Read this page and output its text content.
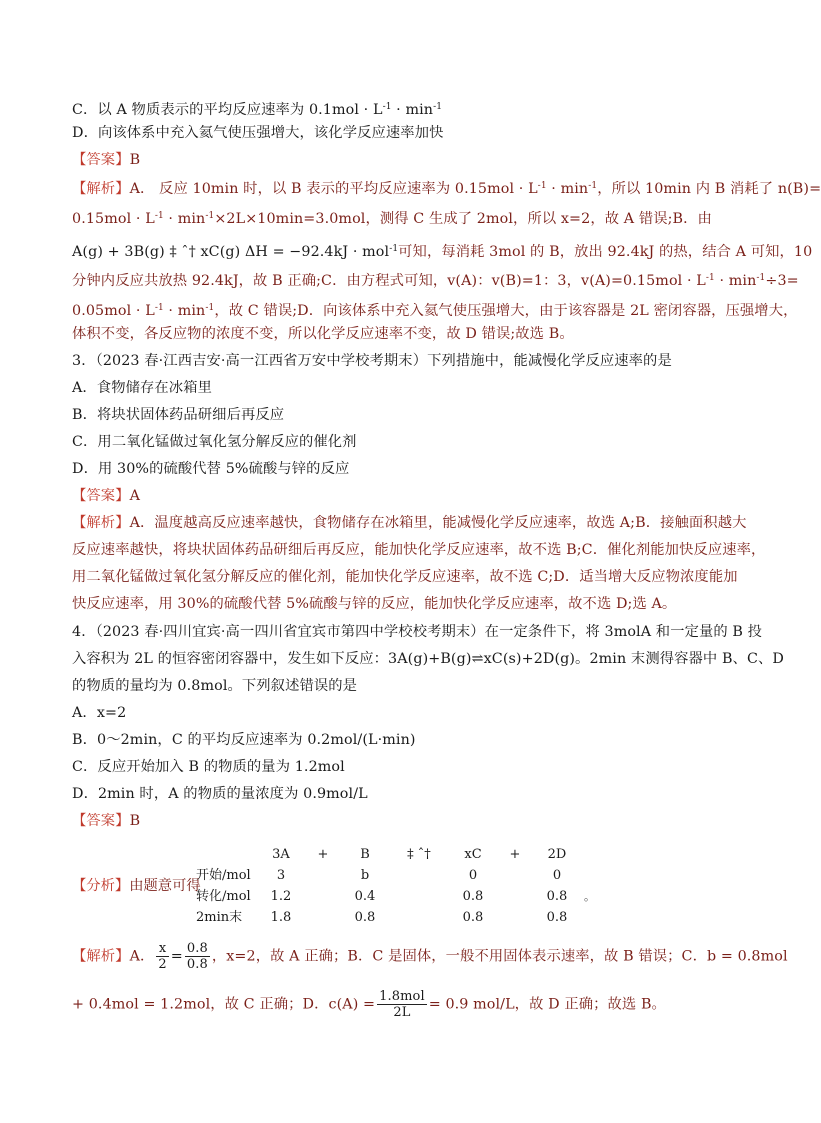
C．以 A 物质表示的平均反应速率为 $0.1mol \cdot L^{-1} \cdot \min^{-1}$
D．向该体系中充入氦气使压强增大，该化学反应速率加快
【答案】B
【解析】A． 反应 10min 时，以 B 表示的平均反应速率为 $0.15mol \cdot L^{-1} \cdot \min^{-1}$，所以 10min 内 B 消耗了 n(B)=
$0.15mol \cdot L^{-1} \cdot \min^{-1}\times 2L\times 10\min=3.0mol$，测得 C 生成了 2mol，所以 x=2，故 A 错误;B．由
A(g) + 3B(g) ‡ ˆ† xC(g) ΔH = −92.4kJ · mol$^{-1}$可知，每消耗 3mol 的 B，放出 92.4kJ 的热，结合 A 可知，10
分钟内反应共放热 92.4kJ，故 B 正确;C．由方程式可知，v(A)：v(B)=1：3，$v(A)=0.15mol \cdot L^{-1} \cdot \min^{-1}\div 3=$
$0.05mol \cdot L^{-1} \cdot \min^{-1}$，故 C 错误;D．向该体系中充入氦气使压强增大，由于该容器是 2L 密闭容器，压强增大，
体积不变，各反应物的浓度不变，所以化学反应速率不变，故 D 错误;故选 B。
3．（2023 春·江西吉安·高一江西省万安中学校考期末）下列措施中，能减慢化学反应速率的是
A．食物储存在冰箱里
B．将块状固体药品研细后再反应
C．用二氧化锰做过氧化氢分解反应的催化剂
D．用 30%的硫酸代替 5%硫酸与锌的反应
【答案】A
【解析】A．温度越高反应速率越快，食物储存在冰箱里，能减慢化学反应速率，故选 A;B．接触面积越大
反应速率越快，将块状固体药品研细后再反应，能加快化学反应速率，故不选 B;C．催化剂能加快反应速率，
用二氧化锰做过氧化氢分解反应的催化剂，能加快化学反应速率，故不选 C;D．适当增大反应物浓度能加
快反应速率，用 30%的硫酸代替 5%硫酸与锌的反应，能加快化学反应速率，故不选 D;选 A。
4．（2023 春·四川宜宾·高一四川省宜宾市第四中学校校考期末）在一定条件下，将 3molA 和一定量的 B 投
入容积为 2L 的恒容密闭容器中，发生如下反应：3A(g)+B(g)⇌xC(s)+2D(g)。2min 末测得容器中 B、C、D
的物质的量均为 0.8mol。下列叙述错误的是
A．x=2
B．0～2min，C 的平均反应速率为 0.2mol/(L·min)
C．反应开始加入 B 的物质的量为 1.2mol
D．2min 时，A 的物质的量浓度为 0.9mol/L
【答案】B
【分析】由题意可得
	3A	+	B	‡ ˆ†	xC	+	2D	
开始/mol	3		b		0		0	
转化/mol	1.2		0.4		0.8		0.8	。
2min末	1.8		0.8		0.8		0.8	
【解析】A． $\frac{x}{2} = \frac{0.8}{0.8}$ ，x=2，故 A 正确；B．C 是固体，一般不用固体表示速率，故 B 错误；C．b = 0.8mol
+ 0.4mol = 1.2mol，故 C 正确；D．$c(A) = \frac{\text{1.8mol}}{2L} = 0.9$ mol/L，故 D 正确；故选 B。
